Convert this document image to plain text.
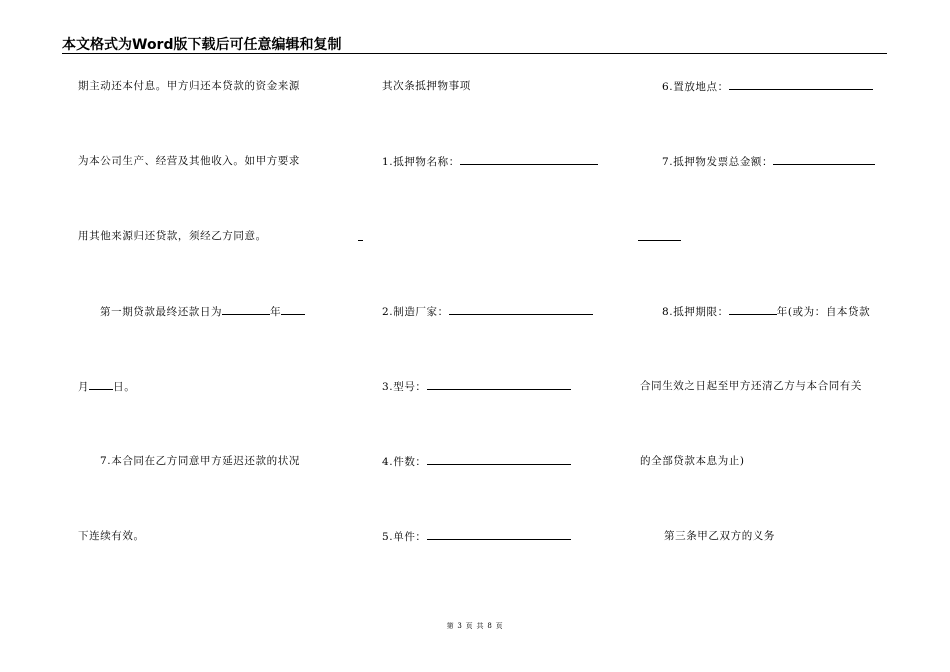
本文格式为Word版下载后可任意编辑和复制
期主动还本付息。甲方归还本贷款的资金来源
为本公司生产、经营及其他收入。如甲方要求
用其他来源归还贷款，须经乙方同意。
第一期贷款最终还款日为	年
月 日。
7.本合同在乙方同意甲方延迟还款的状况
下连续有效。
其次条抵押物事项
1.抵押物名称：
2.制造厂家：
3.型号：
4.件数：
5.单件：
6.置放地点：
7.抵押物发票总金额：
8.抵押期限：	年(或为：自本贷款
合同生效之日起至甲方还清乙方与本合同有关
的全部贷款本息为止)
第三条甲乙双方的义务
第 3 页 共 8 页
